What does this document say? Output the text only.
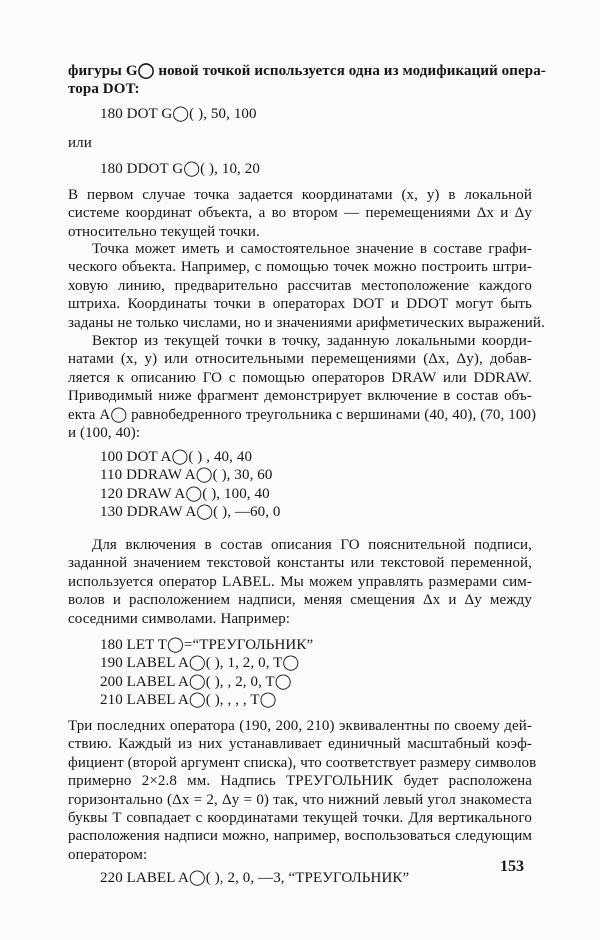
фигуры G◯ новой точкой используется одна из модификаций опера-
тора DOT:
180 DOT G◯( ), 50, 100
или
180 DDOT G◯( ), 10, 20
В первом случае точка задается координатами (x, y) в локальной
системе координат объекта, а во втором — перемещениями Δx и Δy
относительно текущей точки.
Точка может иметь и самостоятельное значение в составе графи-
ческого объекта. Например, с помощью точек можно построить штри-
ховую линию, предварительно рассчитав местоположение каждого
штриха. Координаты точки в операторах DOT и DDOT могут быть
заданы не только числами, но и значениями арифметических выражений.
Вектор из текущей точки в точку, заданную локальными коорди-
натами (x, y) или относительными перемещениями (Δx, Δy), добав-
ляется к описанию ГО с помощью операторов DRAW или DDRAW.
Приводимый ниже фрагмент демонстрирует включение в состав объ-
екта A◯ равнобедренного треугольника с вершинами (40, 40), (70, 100)
и (100, 40):
100 DOT A◯( ) , 40, 40
110 DDRAW A◯( ), 30, 60
120 DRAW A◯( ), 100, 40
130 DDRAW A◯( ), —60, 0
Для включения в состав описания ГО пояснительной подписи,
заданной значением текстовой константы или текстовой переменной,
используется оператор LABEL. Мы можем управлять размерами сим-
волов и расположением надписи, меняя смещения Δx и Δy между
соседними символами. Например:
180 LET T◯=“ТРЕУГОЛЬНИК”
190 LABEL A◯( ), 1, 2, 0, T◯
200 LABEL A◯( ), , 2, 0, T◯
210 LABEL A◯( ), , , , T◯
Три последних оператора (190, 200, 210) эквивалентны по своему дей-
ствию. Каждый из них устанавливает единичный масштабный коэф-
фициент (второй аргумент списка), что соответствует размеру символов
примерно 2×2.8 мм. Надпись ТРЕУГОЛЬНИК будет расположена
горизонтально (Δx = 2, Δy = 0) так, что нижний левый угол знакоместа
буквы T совпадает с координатами текущей точки. Для вертикального
расположения надписи можно, например, воспользоваться следующим
оператором:
220 LABEL A◯( ), 2, 0, —3, “ТРЕУГОЛЬНИК”
153
